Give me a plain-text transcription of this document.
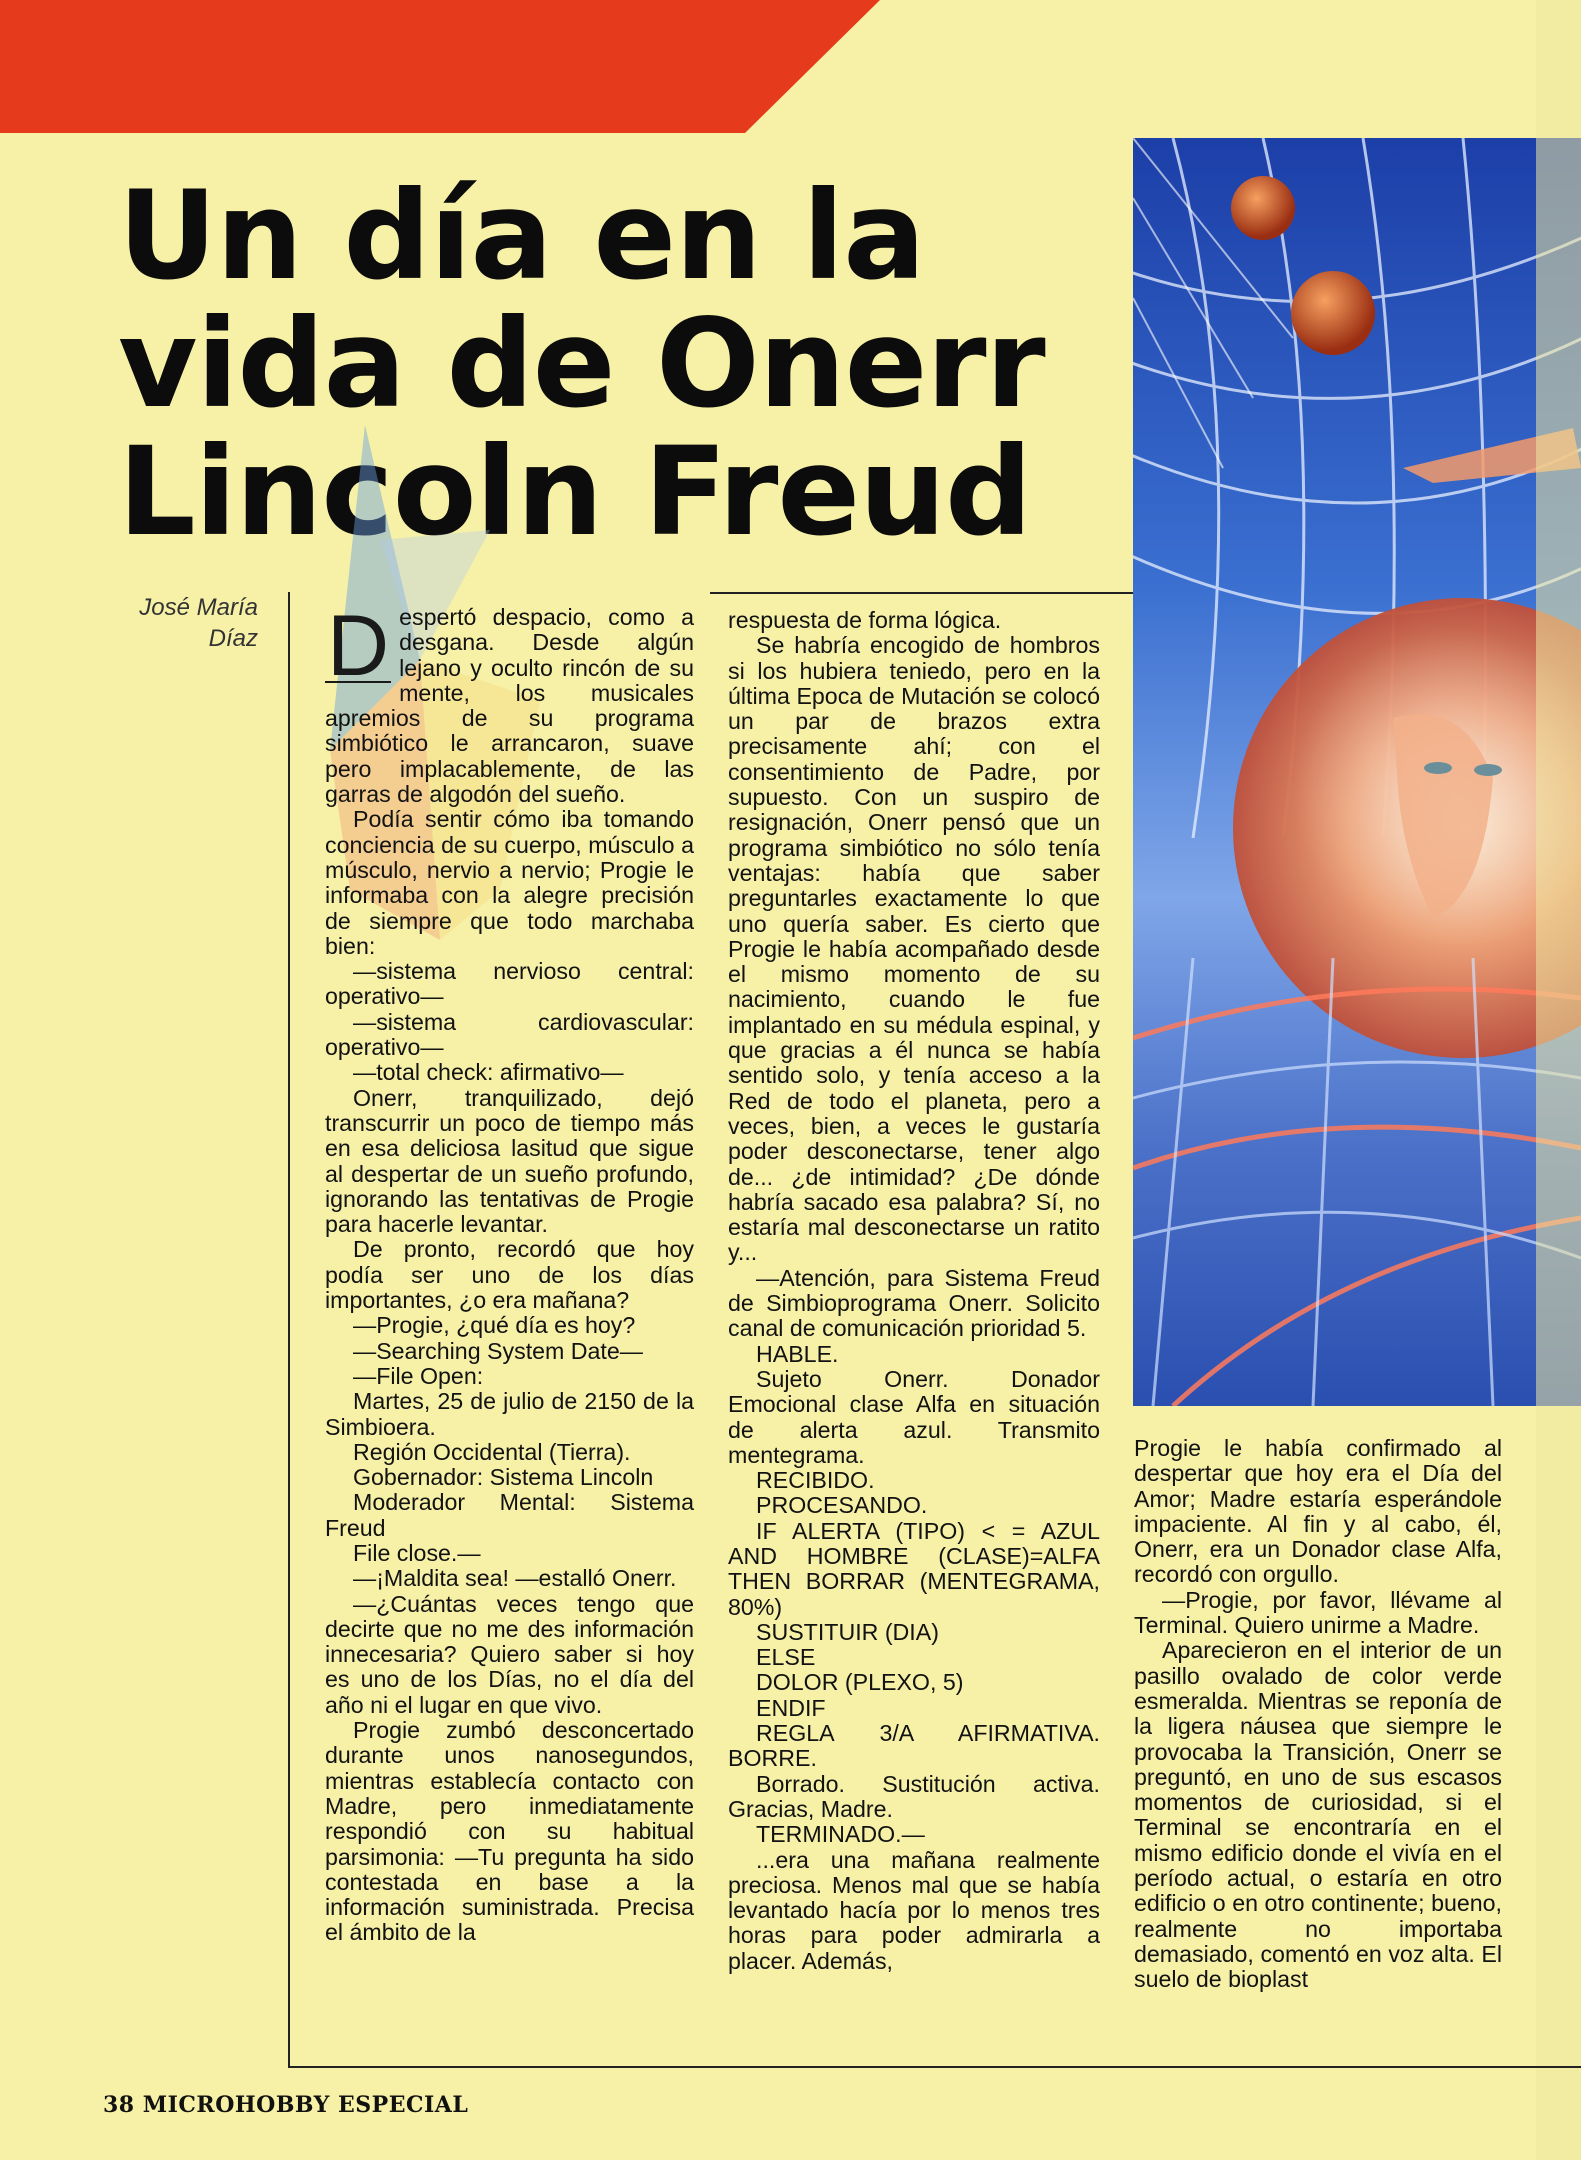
Un día en la
vida de Onerr
Lincoln Freud
José María
Díaz D espertó despacio, como a desgana. Desde algún lejano y oculto rincón de su mente, los musicales apremios de su programa simbiótico le arrancaron, suave pero implacablemente, de las garras de algodón del sueño.

Podía sentir cómo iba tomando conciencia de su cuerpo, músculo a músculo, nervio a nervio; Progie le informaba con la alegre precisión de siempre que todo marchaba bien:

—sistema nervioso central: operativo—

—sistema cardiovascular: operativo—

—total check: afirmativo—

Onerr, tranquilizado, dejó transcurrir un poco de tiempo más en esa deliciosa lasitud que sigue al despertar de un sueño profundo, ignorando las tentativas de Progie para hacerle levantar.

De pronto, recordó que hoy podía ser uno de los días importantes, ¿o era mañana?

—Progie, ¿qué día es hoy?

—Searching System Date—

—File Open:

Martes, 25 de julio de 2150 de la Simbioera.

Región Occidental (Tierra).

Gobernador: Sistema Lincoln

Moderador Mental: Sistema Freud

File close.—

—¡Maldita sea! —estalló Onerr.

—¿Cuántas veces tengo que decirte que no me des información innecesaria? Quiero saber si hoy es uno de los Días, no el día del año ni el lugar en que vivo.

Progie zumbó desconcertado durante unos nanosegundos, mientras establecía contacto con Madre, pero inmediatamente respondió con su habitual parsimonia: —Tu pregunta ha sido contestada en base a la información suministrada. Precisa el ámbito de la

respuesta de forma lógica.

Se habría encogido de hombros si los hubiera teniedo, pero en la última Epoca de Mutación se colocó un par de brazos extra precisamente ahí; con el consentimiento de Padre, por supuesto. Con un suspiro de resignación, Onerr pensó que un programa simbiótico no sólo tenía ventajas: había que saber preguntarles exactamente lo que uno quería saber. Es cierto que Progie le había acompañado desde el mismo momento de su nacimiento, cuando le fue implantado en su médula espinal, y que gracias a él nunca se había sentido solo, y tenía acceso a la Red de todo el planeta, pero a veces, bien, a veces le gustaría poder desconectarse, tener algo de... ¿de intimidad? ¿De dónde habría sacado esa palabra? Sí, no estaría mal desconectarse un ratito y...

—Atención, para Sistema Freud de Simbioprograma Onerr. Solicito canal de comunicación prioridad 5.

HABLE.

Sujeto Onerr. Donador Emocional clase Alfa en situación de alerta azul. Transmito mentegrama.

RECIBIDO.

PROCESANDO.

IF ALERTA (TIPO) < = AZUL AND HOMBRE (CLASE)=ALFA THEN BORRAR (MENTEGRAMA, 80%)

SUSTITUIR (DIA)

ELSE

DOLOR (PLEXO, 5)

ENDIF

REGLA 3/A AFIRMATIVA. BORRE.

Borrado. Sustitución activa. Gracias, Madre.

TERMINADO.—

...era una mañana realmente preciosa. Menos mal que se había levantado hacía por lo menos tres horas para poder admirarla a placer. Además,

Progie le había confirmado al despertar que hoy era el Día del Amor; Madre estaría esperándole impaciente. Al fin y al cabo, él, Onerr, era un Donador clase Alfa, recordó con orgullo.

—Progie, por favor, llévame al Terminal. Quiero unirme a Madre.

Aparecieron en el interior de un pasillo ovalado de color verde esmeralda. Mientras se reponía de la ligera náusea que siempre le provocaba la Transición, Onerr se preguntó, en uno de sus escasos momentos de curiosidad, si el Terminal se encontraría en el mismo edificio donde el vivía en el período actual, o estaría en otro edificio o en otro continente; bueno, realmente no importaba demasiado, comentó en voz alta. El suelo de bioplast

38 MICROHOBBY ESPECIAL
